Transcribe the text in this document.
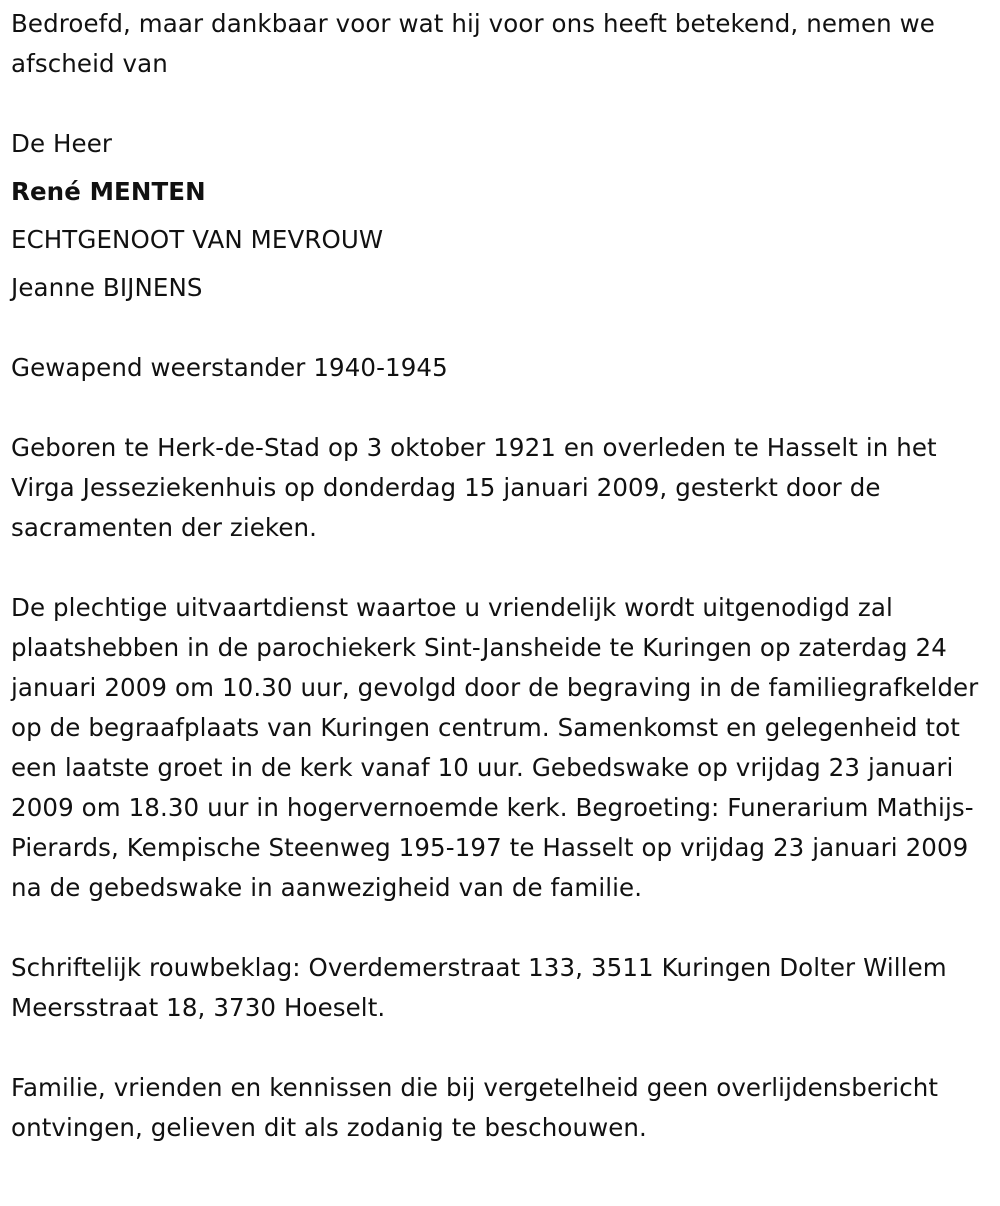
Bedroefd, maar dankbaar voor wat hij voor ons heeft betekend, nemen we afscheid van

De Heer

René MENTEN

ECHTGENOOT VAN MEVROUW

Jeanne BIJNENS

Gewapend weerstander 1940-1945

Geboren te Herk-de-Stad op 3 oktober 1921 en overleden te Hasselt in het Virga Jesseziekenhuis op donderdag 15 januari 2009, gesterkt door de sacramenten der zieken.

De plechtige uitvaartdienst waartoe u vriendelijk wordt uitgenodigd zal plaatshebben in de parochiekerk Sint-Jansheide te Kuringen op zaterdag 24 januari 2009 om 10.30 uur, gevolgd door de begraving in de familiegrafkelder op de begraafplaats van Kuringen centrum. Samenkomst en gelegenheid tot een laatste groet in de kerk vanaf 10 uur. Gebedswake op vrijdag 23 januari 2009 om 18.30 uur in hogervernoemde kerk. Begroeting: Funerarium Mathijs-Pierards, Kempische Steenweg 195-197 te Hasselt op vrijdag 23 januari 2009 na de gebedswake in aanwezigheid van de familie.

Schriftelijk rouwbeklag: Overdemerstraat 133, 3511 Kuringen Dolter Willem Meersstraat 18, 3730 Hoeselt.

Familie, vrienden en kennissen die bij vergetelheid geen overlijdensbericht ontvingen, gelieven dit als zodanig te beschouwen.
